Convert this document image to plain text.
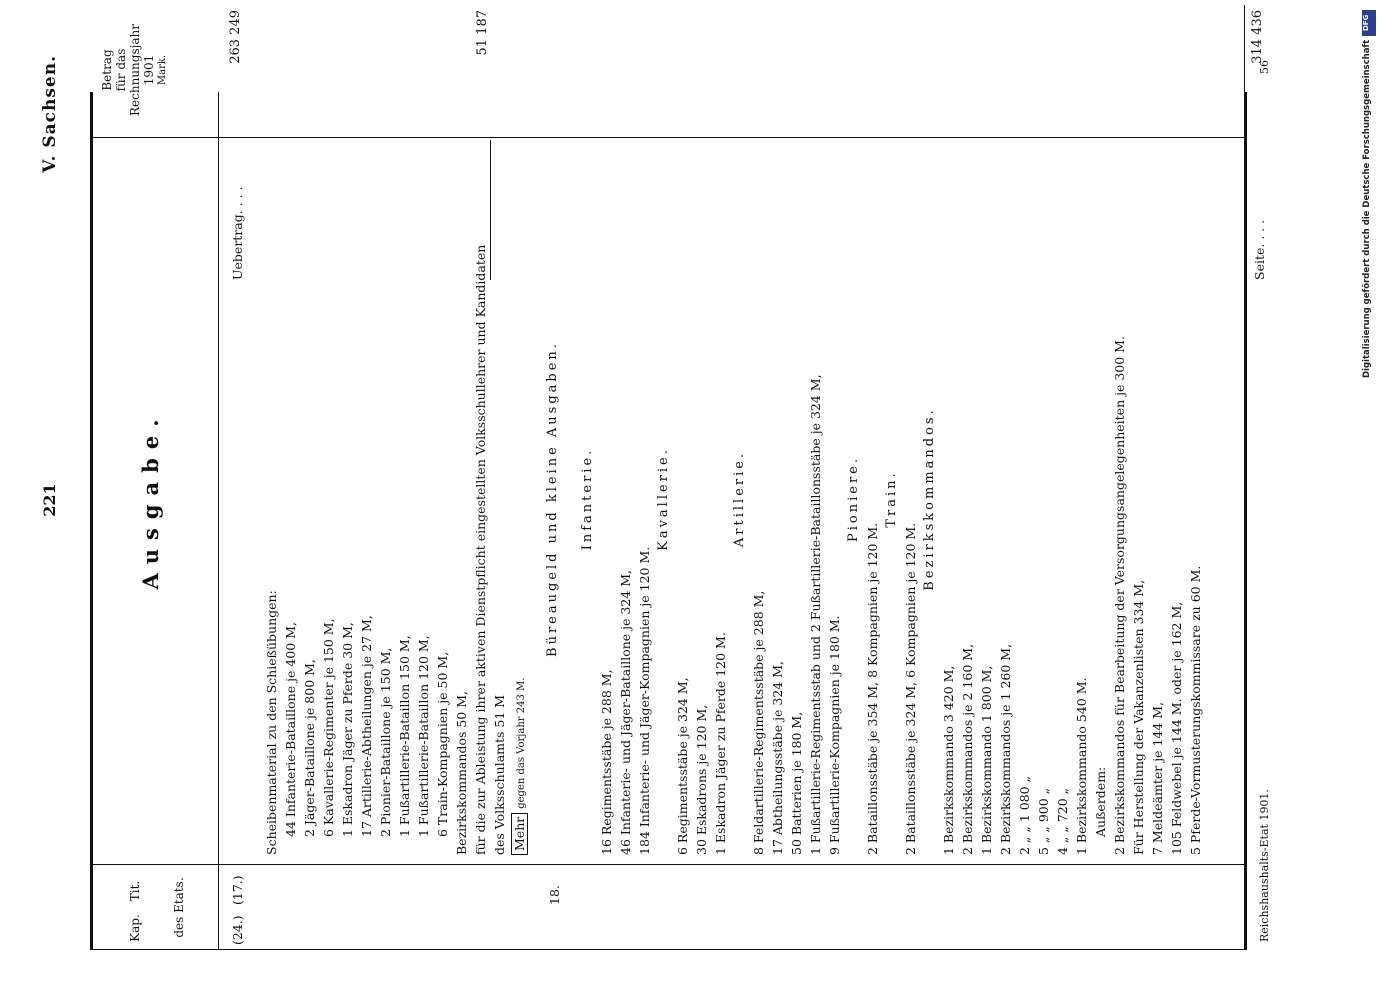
221
V. Sachsen.
Kap.
Tit.	des Etats.
Betrag für das Rechnungsjahr 1901 Mark.
Ausgabe.
(24.)
(17.)
Uebertrag. . . .
263 249
Scheibenmaterial zu den Schießübungen: 44 Infanterie-Bataillone je 400 M, 2 Jäger-Bataillone je 800 M, 6 Kavallerie-Regimenter je 150 M, 1 Eskadron Jäger zu Pferde 30 M, 17 Artillerie-Abtheilungen je 27 M, 2 Pionier-Bataillone je 150 M, 1 Fußartillerie-Bataillon 150 M, 1 Fußartillerie-Bataillon 120 M, 6 Train-Kompagnien je 50 M, Bezirkskommandos 50 M, für die zur Ableistung ihrer aktiven Dienstpflicht eingestellten Volksschullehrer und Kandidaten des Volksschulamts 51 M
51 187
Mehr gegen das Vorjahr 243 M.
18.
Büreaugeld und kleine Ausgaben. Infanterie.
16 Regimentsstäbe je 288 M, 46 Infanterie- und Jäger-Bataillone je 324 M, 184 Infanterie- und Jäger-Kompagnien je 120 M.
Kavallerie.
6 Regimentsstäbe je 324 M, 30 Eskadrons je 120 M, 1 Eskadron Jäger zu Pferde 120 M.
Artillerie.
8 Feldartillerie-Regimentsstäbe je 288 M, 17 Abtheilungsstäbe je 324 M, 50 Batterien je 180 M, 1 Fußartillerie-Regimentsstab und 2 Fußartillerie-Bataillonsstäbe je 324 M, 9 Fußartillerie-Kompagnien je 180 M.
Pioniere.
2 Bataillonsstäbe je 354 M, 8 Kompagnien je 120 M.
Train.
2 Bataillonsstäbe je 324 M, 6 Kompagnien je 120 M.
Bezirkskommandos.
1 Bezirkskommando 3 420 M, 2 Bezirkskommandos je 2 160 M, 1 Bezirkskommando 1 800 M, 2 Bezirkskommandos je 1 260 M, 2 „ „ 1 080 „ 5 „ „ 900 „ 4 „ „ 720 „ 1 Bezirkskommando 540 M. Außerdem: 2 Bezirkskommandos für Bearbeitung der Versorgungsangelegenheiten je 300 M. Für Herstellung der Vakanzenlisten 334 M, 7 Meldeämter je 144 M, 105 Feldwebel je 144 M. oder je 162 M, 5 Pferde-Vormusterungskommissare zu 60 M.
Seite. . . .
314 436
Reichshaushalts-Etat 1901.
56
DFG
Digitalisierung gefördert durch die Deutsche Forschungsgemeinschaft
